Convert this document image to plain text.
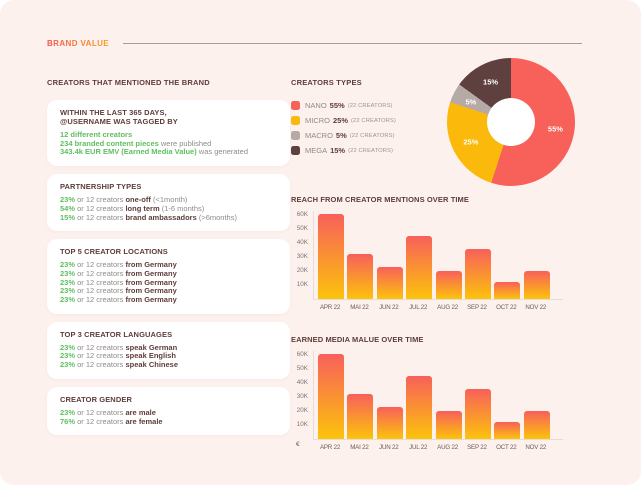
BRAND VALUE
CREATORS THAT MENTIONED THE BRAND
WITHIN THE LAST 365 DAYS,
@USERNAME WAS TAGGED BY
12 different creators
234 branded content pieces were published
343.4k EUR EMV (Earned Media Value) was generated
PARTNERSHIP TYPES
23% or 12 creators one-off (<1month)
54% or 12 creators long term (1-6 months)
15% or 12 creators brand ambassadors (>6months)
TOP 5 CREATOR LOCATIONS
23% or 12 creators from Germany
23% or 12 creators from Germany
23% or 12 creators from Germany
23% or 12 creators from Germany
23% or 12 creators from Germany
TOP 3 CREATOR LANGUAGES
23% or 12 creators speak German
23% or 12 creators speak English
23% or 12 creators speak Chinese
CREATOR GENDER
23% or 12 creators are male
76% or 12 creators are female
CREATORS TYPES
NANO 55% (22 CREATORS)
MICRO 25% (22 CREATORS)
MACRO 5% (22 CREATORS)
MEGA 15% (22 CREATORS)
55%
25%
5%
15%
REACH FROM CREATOR MENTIONS OVER TIME
10K
20K
30K
40K
50K
60K
APR 22	MAI 22	JUN 22	JUL 22	AUG 22	SEP 22	OCT 22	NOV 22
EARNED MEDIA MALUE OVER TIME
10K
20K
30K
40K
50K
60K
APR 22	MAI 22	JUN 22	JUL 22	AUG 22	SEP 22	OCT 22	NOV 22
€
